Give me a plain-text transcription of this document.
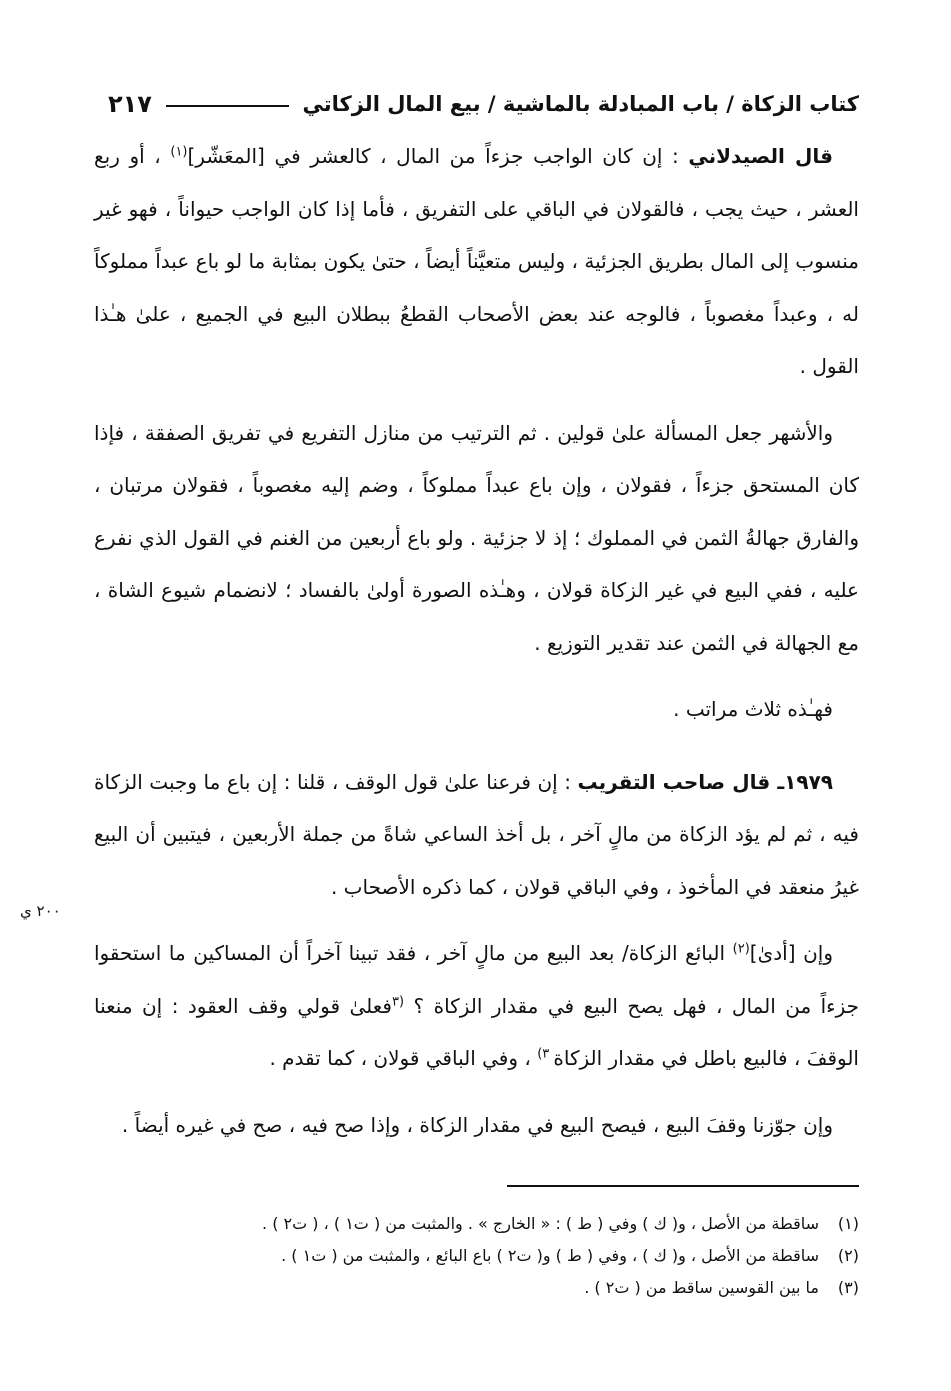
كتاب الزكاة / باب المبادلة بالماشية / بيع المال الزكاتي
٢١٧

قال الصيدلاني : إن كان الواجب جزءاً من المال ، كالعشر في [المعَشّر]$^{(١)}$ ، أو ربع العشر ، حيث يجب ، فالقولان في الباقي على التفريق ، فأما إذا كان الواجب حيواناً ، فهو غير منسوب إلى المال بطريق الجزئية ، وليس متعيَّناً أيضاً ، حتىٰ يكون بمثابة ما لو باع عبداً مملوكاً له ، وعبداً مغصوباً ، فالوجه عند بعض الأصحاب القطعُ ببطلان البيع في الجميع ، علىٰ هـٰذا القول .

والأشهر جعل المسألة علىٰ قولين . ثم الترتيب من منازل التفريع في تفريق الصفقة ، فإذا كان المستحق جزءاً ، فقولان ، وإن باع عبداً مملوكاً ، وضم إليه مغصوباً ، فقولان مرتبان ، والفارق جهالةُ الثمن في المملوك ؛ إذ لا جزئية . ولو باع أربعين من الغنم في القول الذي نفرع عليه ، ففي البيع في غير الزكاة قولان ، وهـٰذه الصورة أولىٰ بالفساد ؛ لانضمام شيوع الشاة ، مع الجهالة في الثمن عند تقدير التوزيع .

فهـٰذه ثلاث مراتب .

١٩٧٩ـ قال صاحب التقريب : إن فرعنا علىٰ قول الوقف ، قلنا : إن باع ما وجبت الزكاة فيه ، ثم لم يؤد الزكاة من مالٍ آخر ، بل أخذ الساعي شاةً من جملة الأربعين ، فيتبين أن البيع غيرُ منعقد في المأخوذ ، وفي الباقي قولان ، كما ذكره الأصحاب .

وإن [أدىٰ]$^{(٢)}$ البائع الزكاة/ بعد البيع من مالٍ آخر ، فقد تبينا آخراً أن المساكين ما استحقوا جزءاً من المال ، فهل يصح البيع في مقدار الزكاة ؟ $^{(٣}$فعلىٰ قولي وقف العقود : إن منعنا الوقفَ ، فالبيع باطل في مقدار الزكاة $^{٣)}$ ، وفي الباقي قولان ، كما تقدم .

وإن جوّزنا وقفَ البيع ، فيصح البيع في مقدار الزكاة ، وإذا صح فيه ، صح في غيره أيضاً .

٢٠٠ ي
(١)
ساقطة من الأصل ، و( ك ) وفي ( ط ) : « الخارج » . والمثبت من ( ت١ ) ، ( ت٢ ) .
(٢)
ساقطة من الأصل ، و( ك ) ، وفي ( ط ) و( ت٢ ) باع البائع ، والمثبت من ( ت١ ) .
(٣)
ما بين القوسين ساقط من ( ت٢ ) .
